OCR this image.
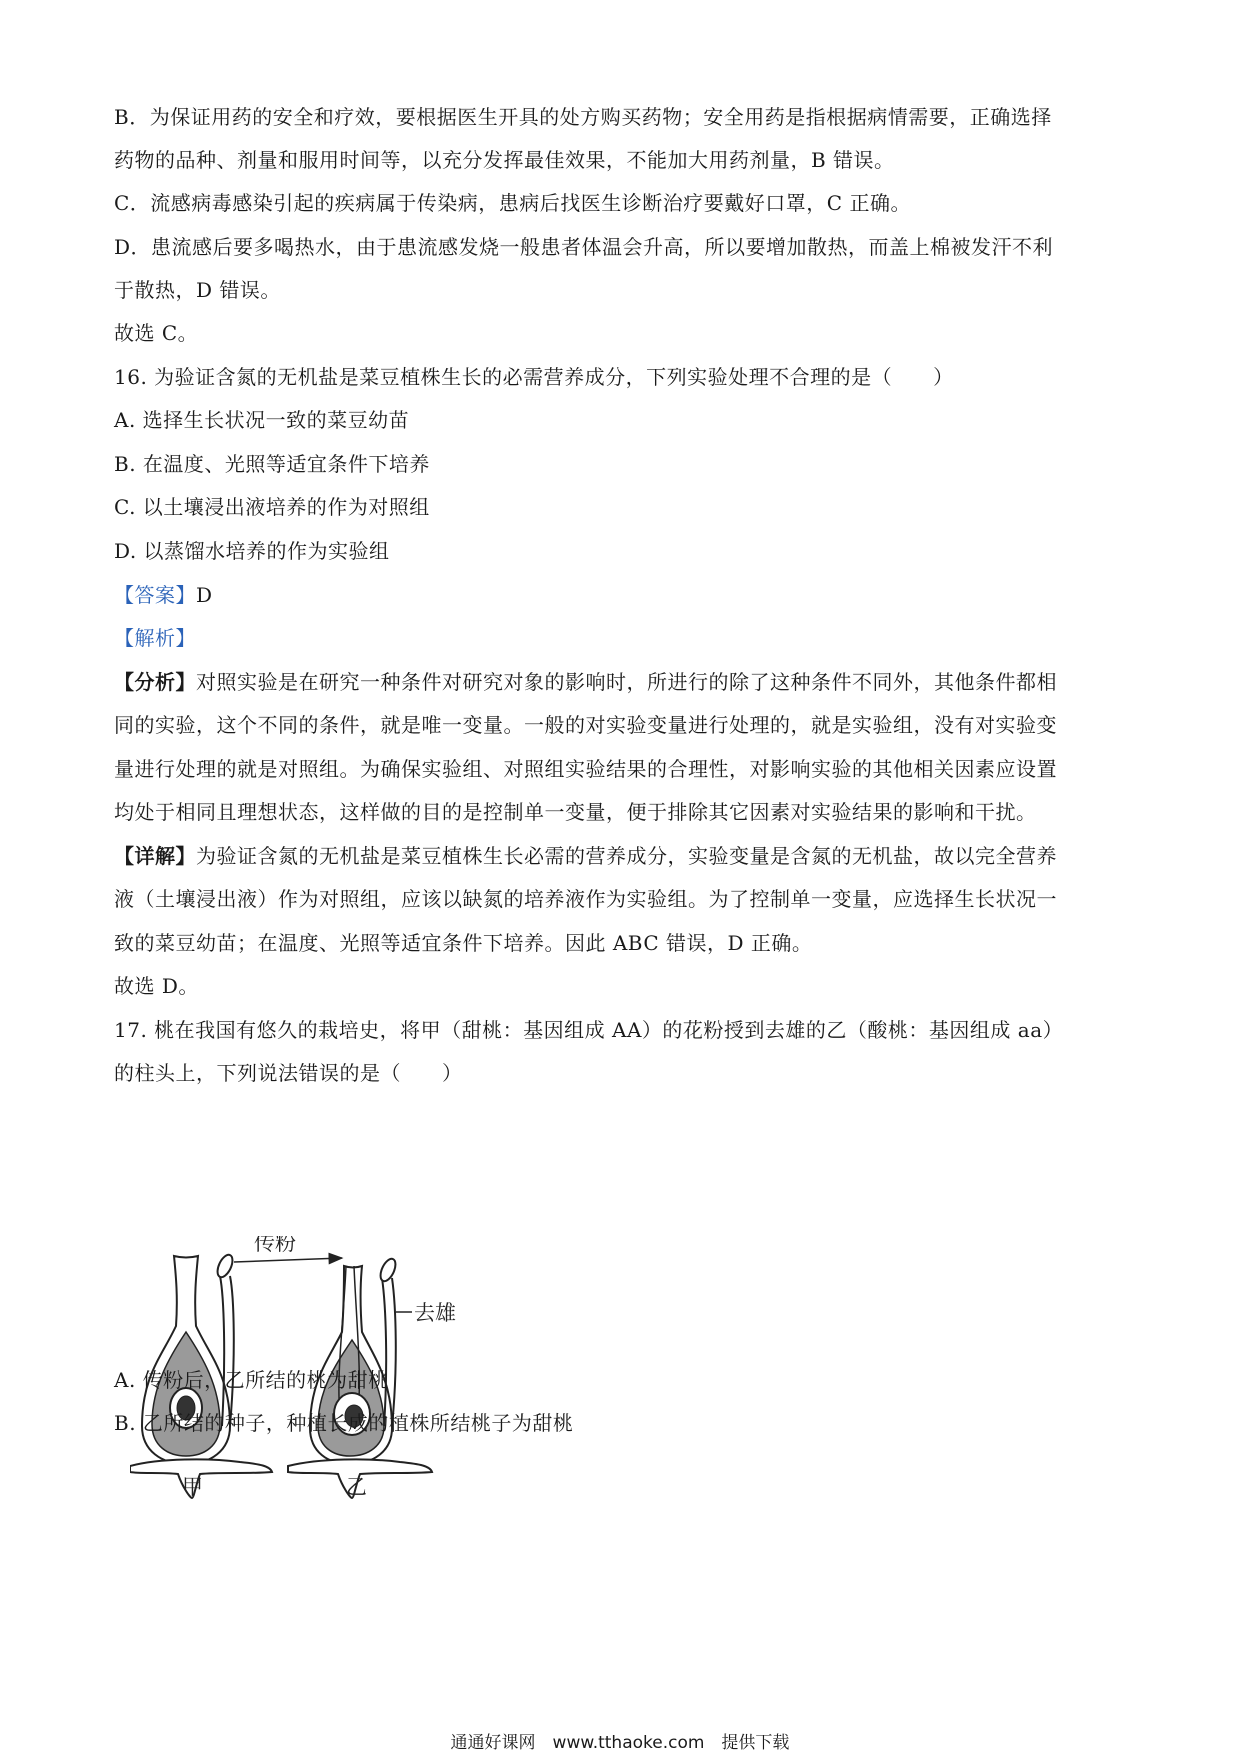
B．为保证用药的安全和疗效，要根据医生开具的处方购买药物；安全用药是指根据病情需要，正确选择
药物的品种、剂量和服用时间等，以充分发挥最佳效果，不能加大用药剂量，B 错误。
C．流感病毒感染引起的疾病属于传染病，患病后找医生诊断治疗要戴好口罩，C 正确。
D．患流感后要多喝热水，由于患流感发烧一般患者体温会升高，所以要增加散热，而盖上棉被发汗不利
于散热，D 错误。
故选 C。
16. 为验证含氮的无机盐是菜豆植株生长的必需营养成分，下列实验处理不合理的是（　　）
A. 选择生长状况一致的菜豆幼苗
B. 在温度、光照等适宜条件下培养
C. 以土壤浸出液培养的作为对照组
D. 以蒸馏水培养的作为实验组
【答案】D
【解析】
【分析】对照实验是在研究一种条件对研究对象的影响时，所进行的除了这种条件不同外，其他条件都相
同的实验，这个不同的条件，就是唯一变量。一般的对实验变量进行处理的，就是实验组，没有对实验变
量进行处理的就是对照组。为确保实验组、对照组实验结果的合理性，对影响实验的其他相关因素应设置
均处于相同且理想状态，这样做的目的是控制单一变量，便于排除其它因素对实验结果的影响和干扰。
【详解】为验证含氮的无机盐是菜豆植株生长必需的营养成分，实验变量是含氮的无机盐，故以完全营养
液（土壤浸出液）作为对照组，应该以缺氮的培养液作为实验组。为了控制单一变量，应选择生长状况一
致的菜豆幼苗；在温度、光照等适宜条件下培养。因此 ABC 错误，D 正确。
故选 D。
17. 桃在我国有悠久的栽培史，将甲（甜桃：基因组成 AA）的花粉授到去雄的乙（酸桃：基因组成 aa）
的柱头上，下列说法错误的是（　　）
传粉
去雄
甲	乙
A. 传粉后，乙所结的桃为甜桃
B. 乙所结的种子，种植长成的植株所结桃子为甜桃
通通好课网　www.tthaoke.com　提供下载
